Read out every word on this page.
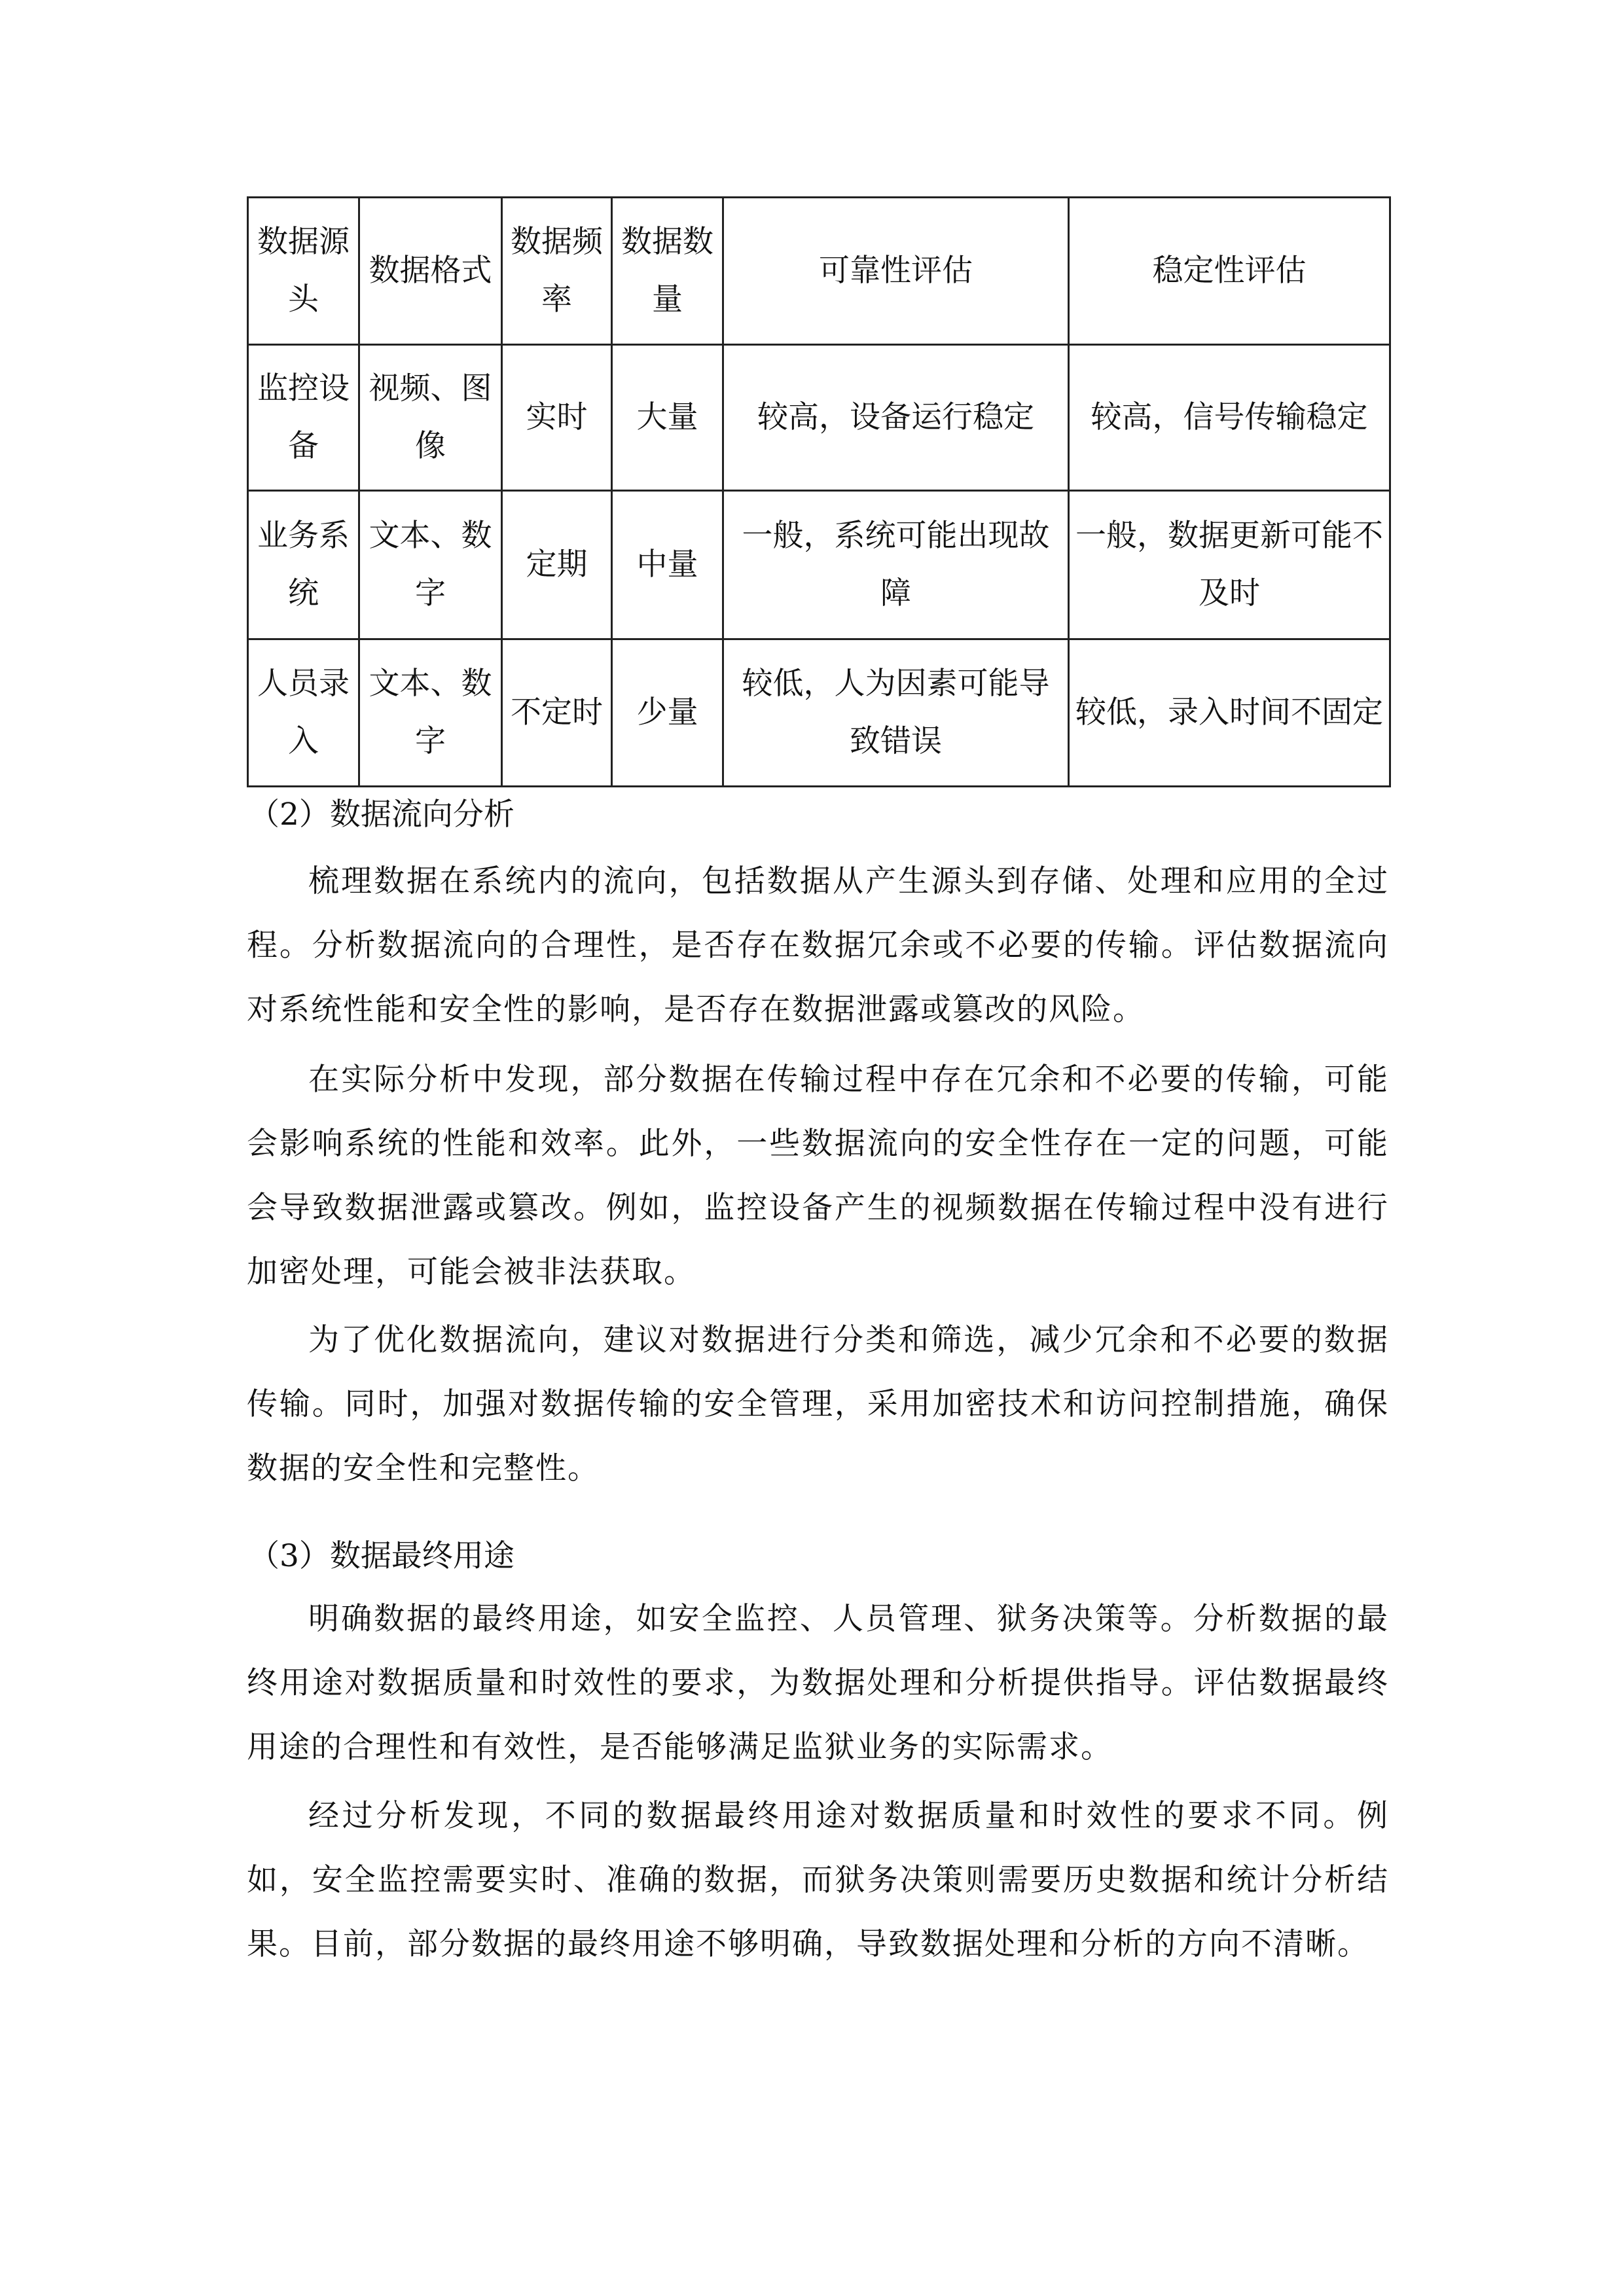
数据源头	数据格式	数据频率	数据数量	可靠性评估	稳定性评估
监控设备	视频、图像	实时	大量	较高，设备运行稳定	较高，信号传输稳定
业务系统	文本、数字	定期	中量	一般，系统可能出现故障	一般，数据更新可能不及时
人员录入	文本、数字	不定时	少量	较低，人为因素可能导致错误	较低，录入时间不固定
（2）数据流向分析
梳理数据在系统内的流向，包括数据从产生源头到存储、处理和应用的全过程。分析数据流向的合理性，是否存在数据冗余或不必要的传输。评估数据流向对系统性能和安全性的影响，是否存在数据泄露或篡改的风险。
在实际分析中发现，部分数据在传输过程中存在冗余和不必要的传输，可能会影响系统的性能和效率。此外，一些数据流向的安全性存在一定的问题，可能会导致数据泄露或篡改。例如，监控设备产生的视频数据在传输过程中没有进行加密处理，可能会被非法获取。
为了优化数据流向，建议对数据进行分类和筛选，减少冗余和不必要的数据传输。同时，加强对数据传输的安全管理，采用加密技术和访问控制措施，确保数据的安全性和完整性。
（3）数据最终用途
明确数据的最终用途，如安全监控、人员管理、狱务决策等。分析数据的最终用途对数据质量和时效性的要求，为数据处理和分析提供指导。评估数据最终用途的合理性和有效性，是否能够满足监狱业务的实际需求。
经过分析发现，不同的数据最终用途对数据质量和时效性的要求不同。例如，安全监控需要实时、准确的数据，而狱务决策则需要历史数据和统计分析结果。目前，部分数据的最终用途不够明确，导致数据处理和分析的方向不清晰。
